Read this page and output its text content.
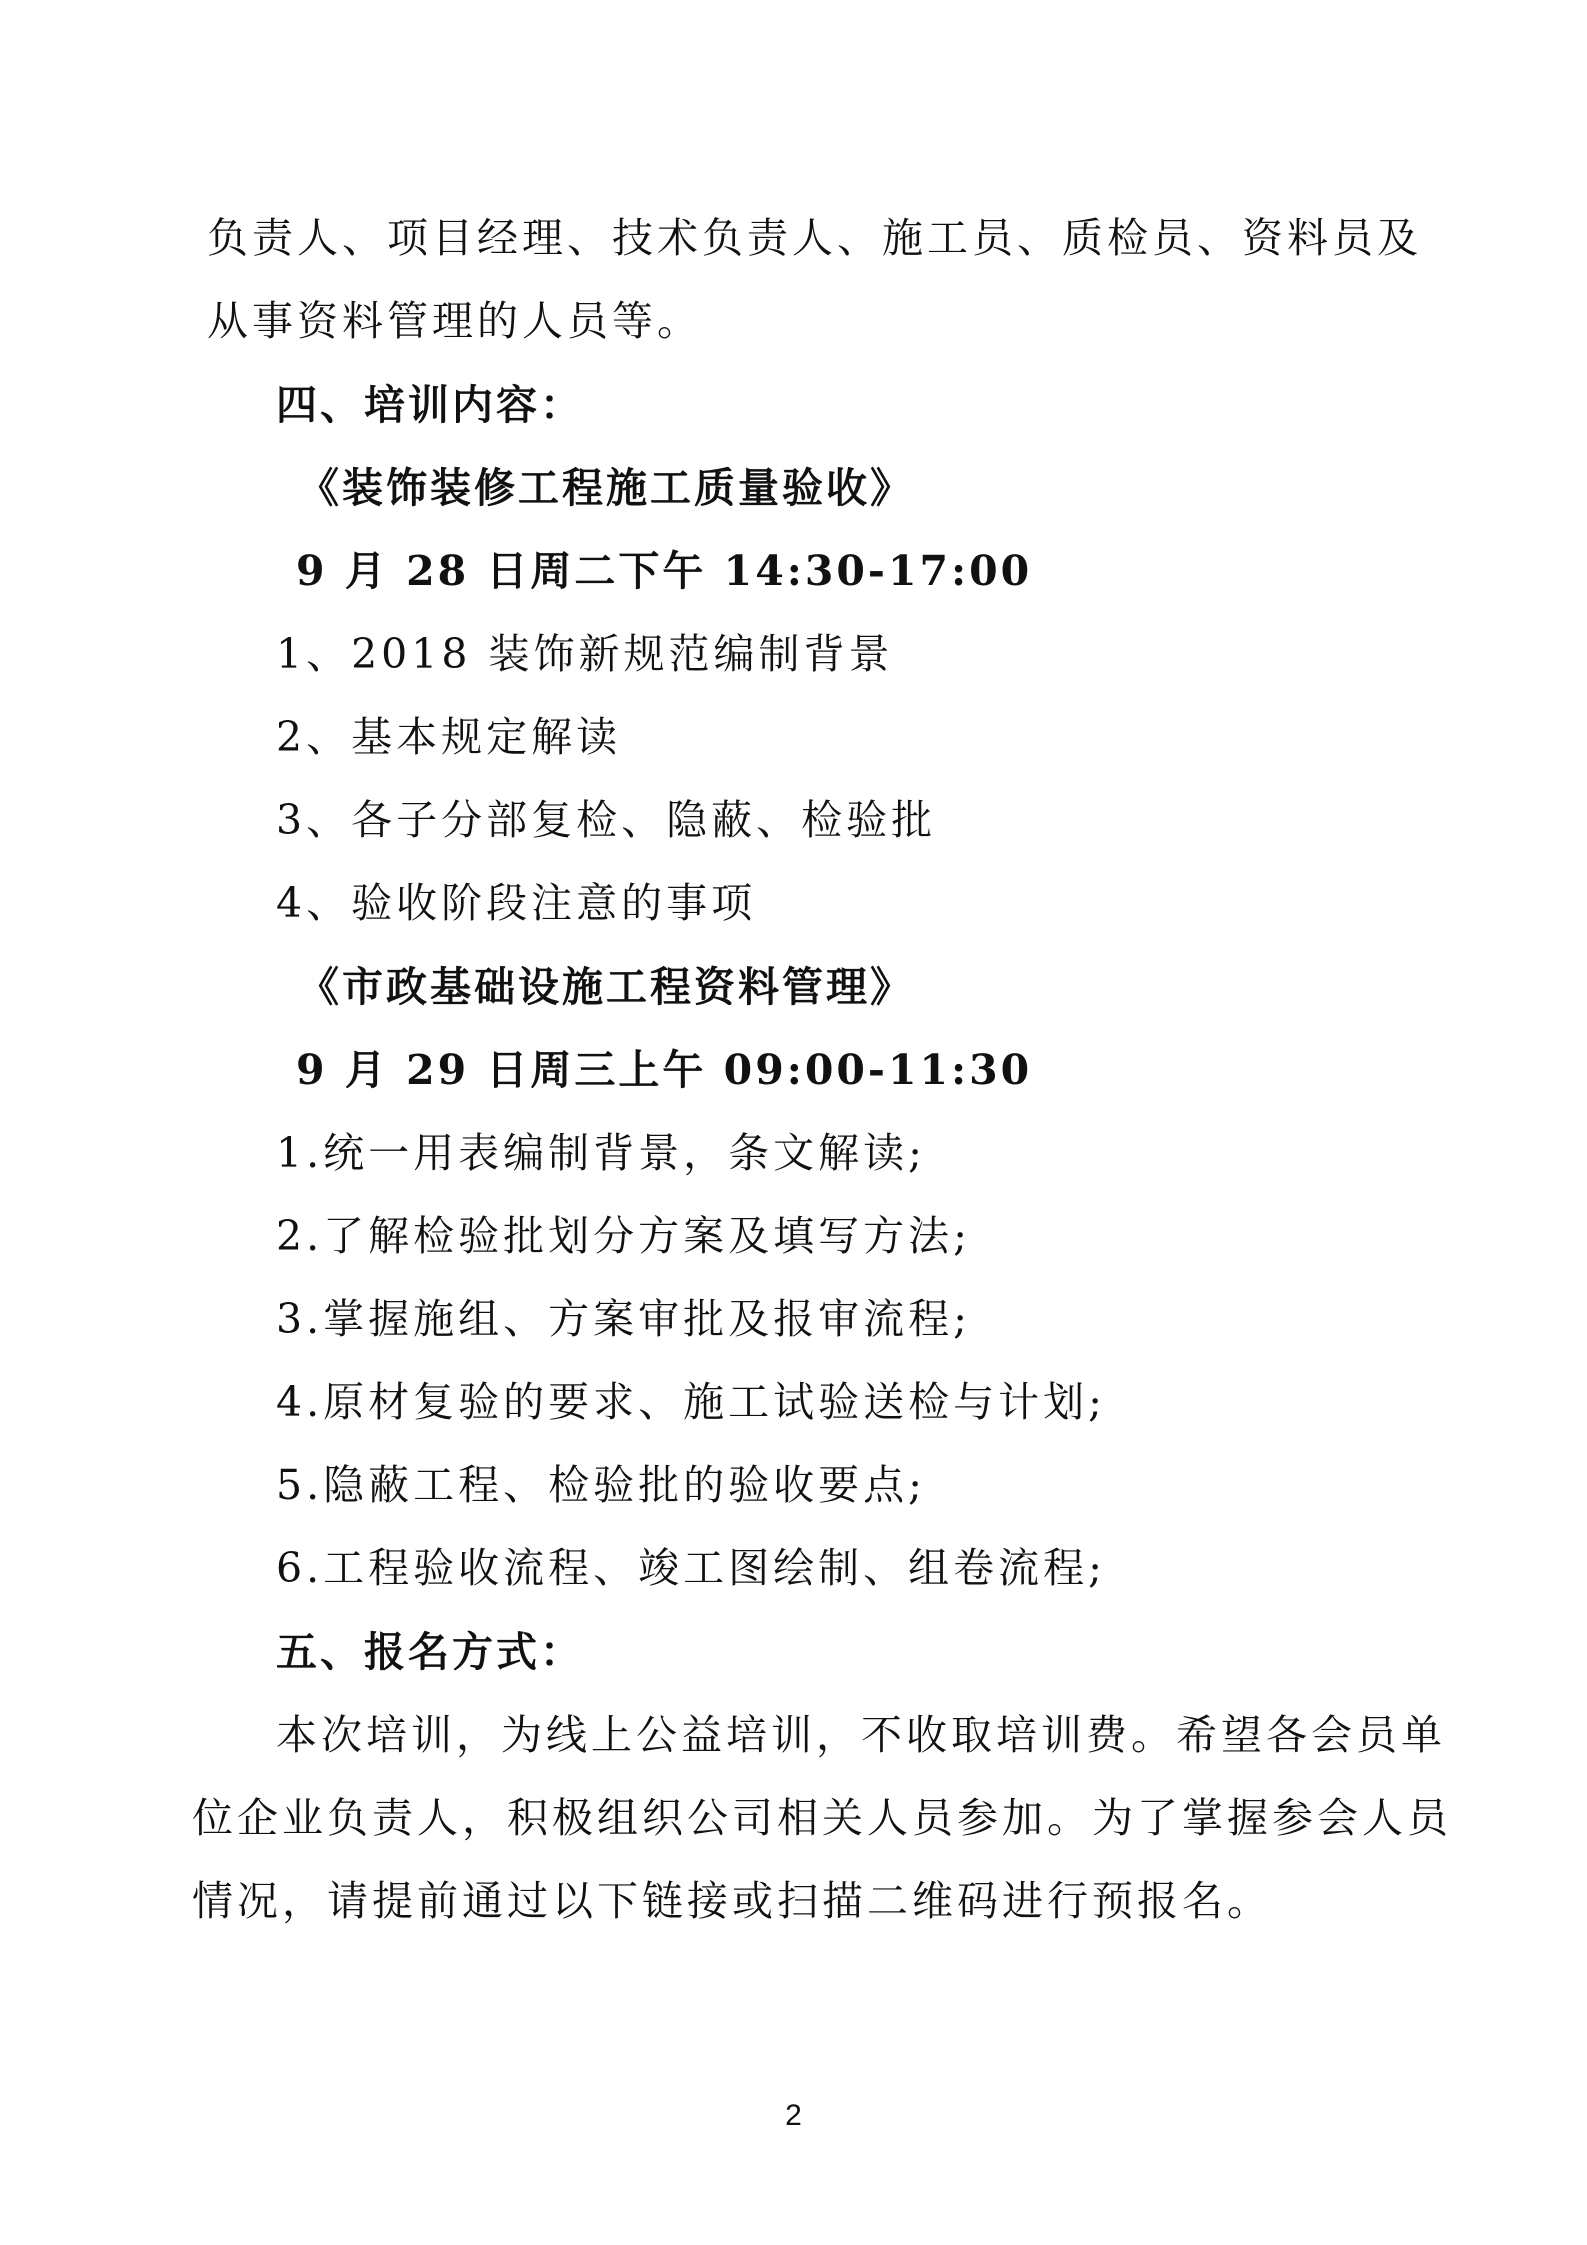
负责人、项目经理、技术负责人、施工员、质检员、资料员及
从事资料管理的人员等。
四、培训内容：
《装饰装修工程施工质量验收》
9 月 28 日周二下午 14:30-17:00
1、2018 装饰新规范编制背景
2、基本规定解读
3、各子分部复检、隐蔽、检验批
4、验收阶段注意的事项
《市政基础设施工程资料管理》
9 月 29 日周三上午 09:00-11:30
1.统一用表编制背景，条文解读;
2.了解检验批划分方案及填写方法;
3.掌握施组、方案审批及报审流程;
4.原材复验的要求、施工试验送检与计划;
5.隐蔽工程、检验批的验收要点;
6.工程验收流程、竣工图绘制、组卷流程;
五、报名方式：
本次培训，为线上公益培训，不收取培训费。希望各会员单
位企业负责人，积极组织公司相关人员参加。为了掌握参会人员
情况，请提前通过以下链接或扫描二维码进行预报名。
2
